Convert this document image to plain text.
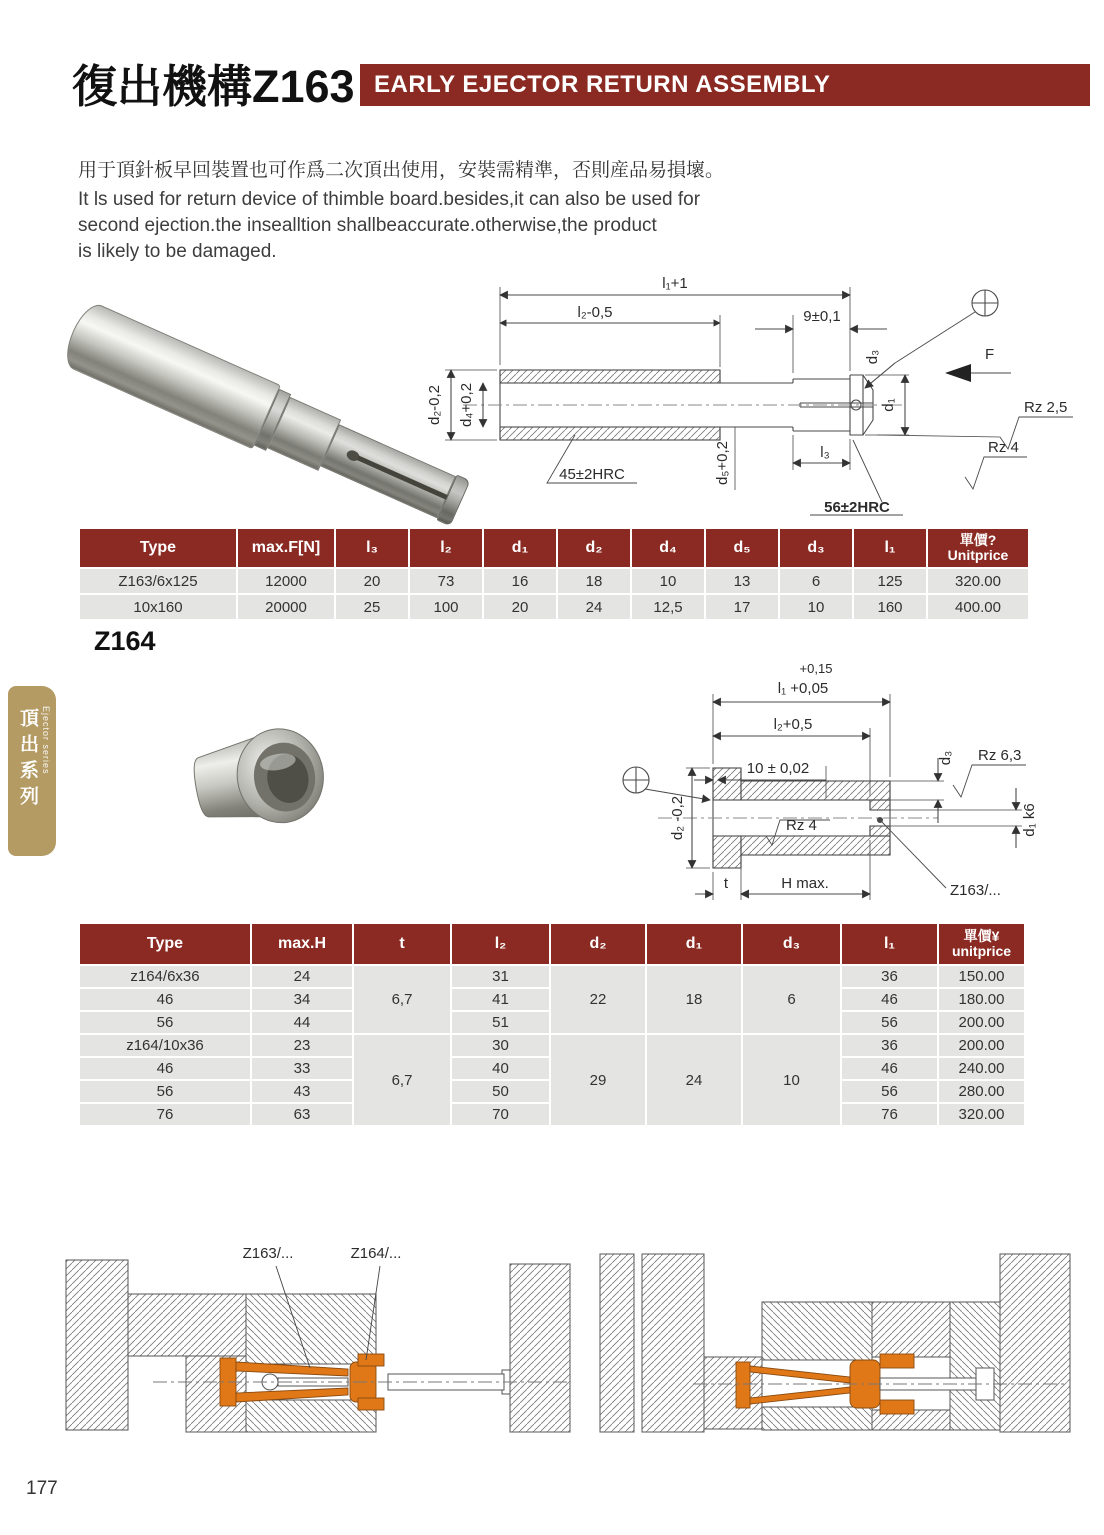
復出機構Z163 EARLY EJECTOR RETURN ASSEMBLY
用于頂針板早回裝置也可作爲二次頂出使用，安裝需精準，否則産品易損壞。
It ls used for return device of thimble board.besides,it can also be used for
second ejection.the insealltion shallbeaccurate.otherwise,the product
is likely to be damaged.
l₁+1
l₂-0,5	9±0,1
d₂-0,2 d₄+0,2
d₅+0,2
45±2HRC
l₃
56±2HRC
d₃
d₁
F
Rz 2,5
Rz 4
Type	max.F[N]	l₃	l₂	d₁	d₂	d₄	d₅	d₃	l₁	單價?
Unitprice

Z163/6x125	12000	20	73	16	18	10	13	6	125	320.00
10x160	20000	25	100	20	24	12,5	17	10	160	400.00
Z164
頂出系列 Ejector series
+0,15
l₁ +0,05
l₂+0,5
10 ± 0,02
Rz 6,3
d₂ -0,2	Rz 4
d₃
d₁ k6
t	H max.	Z163/...
Type	max.H	t	l₂	d₂	d₁	d₃	l₁	單價¥
unitprice

z164/6x36	24	6,7	31	22	18	6	36	150.00
46	34		41				46	180.00
56	44		51				56	200.00
z164/10x36	23	6,7	30	29	24	10	36	200.00
46	33		40				46	240.00
56	43		50				56	280.00
76	63		70				76	320.00
Z163/...	Z164/...
177
